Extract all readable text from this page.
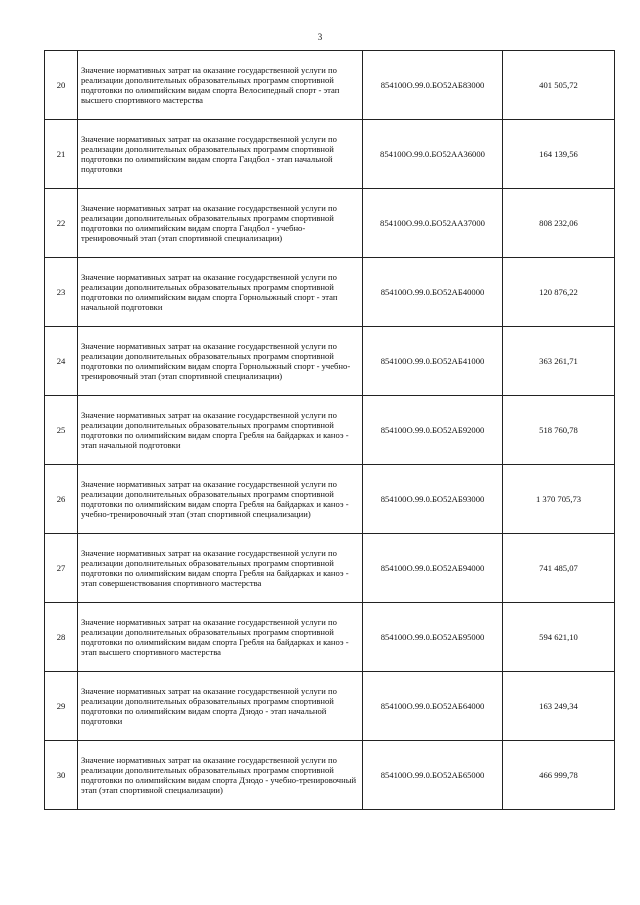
3
20	Значение нормативных затрат на оказание государственной услуги по реализации дополнительных образовательных программ спортивной подготовки по олимпийским видам спорта Велосипедный спорт - этап высшего спортивного мастерства	854100О.99.0.БО52АБ83000	401 505,72
21	Значение нормативных затрат на оказание государственной услуги по реализации дополнительных образовательных программ спортивной подготовки по олимпийским видам спорта Гандбол - этап начальной подготовки	854100О.99.0.БО52АА36000	164 139,56
22	Значение нормативных затрат на оказание государственной услуги по реализации дополнительных образовательных программ спортивной подготовки по олимпийским видам спорта Гандбол - учебно-тренировочный этап (этап спортивной специализации)	854100О.99.0.БО52АА37000	808 232,06
23	Значение нормативных затрат на оказание государственной услуги по реализации дополнительных образовательных программ спортивной подготовки по олимпийским видам спорта Горнолыжный спорт - этап начальной подготовки	854100О.99.0.БО52АБ40000	120 876,22
24	Значение нормативных затрат на оказание государственной услуги по реализации дополнительных образовательных программ спортивной подготовки по олимпийским видам спорта Горнолыжный спорт - учебно-тренировочный этап (этап спортивной специализации)	854100О.99.0.БО52АБ41000	363 261,71
25	Значение нормативных затрат на оказание государственной услуги по реализации дополнительных образовательных программ спортивной подготовки по олимпийским видам спорта Гребля на байдарках и каноэ - этап начальной подготовки	854100О.99.0.БО52АБ92000	518 760,78
26	Значение нормативных затрат на оказание государственной услуги по реализации дополнительных образовательных программ спортивной подготовки по олимпийским видам спорта Гребля на байдарках и каноэ - учебно-тренировочный этап (этап спортивной специализации)	854100О.99.0.БО52АБ93000	1 370 705,73
27	Значение нормативных затрат на оказание государственной услуги по реализации дополнительных образовательных программ спортивной подготовки по олимпийским видам спорта Гребля на байдарках и каноэ - этап совершенствования спортивного мастерства	854100О.99.0.БО52АБ94000	741 485,07
28	Значение нормативных затрат на оказание государственной услуги по реализации дополнительных образовательных программ спортивной подготовки по олимпийским видам спорта Гребля на байдарках и каноэ - этап высшего спортивного мастерства	854100О.99.0.БО52АБ95000	594 621,10
29	Значение нормативных затрат на оказание государственной услуги по реализации дополнительных образовательных программ спортивной подготовки по олимпийским видам спорта Дзюдо - этап начальной подготовки	854100О.99.0.БО52АБ64000	163 249,34
30	Значение нормативных затрат на оказание государственной услуги по реализации дополнительных образовательных программ спортивной подготовки по олимпийским видам спорта Дзюдо - учебно-тренировочный этап (этап спортивной специализации)	854100О.99.0.БО52АБ65000	466 999,78
